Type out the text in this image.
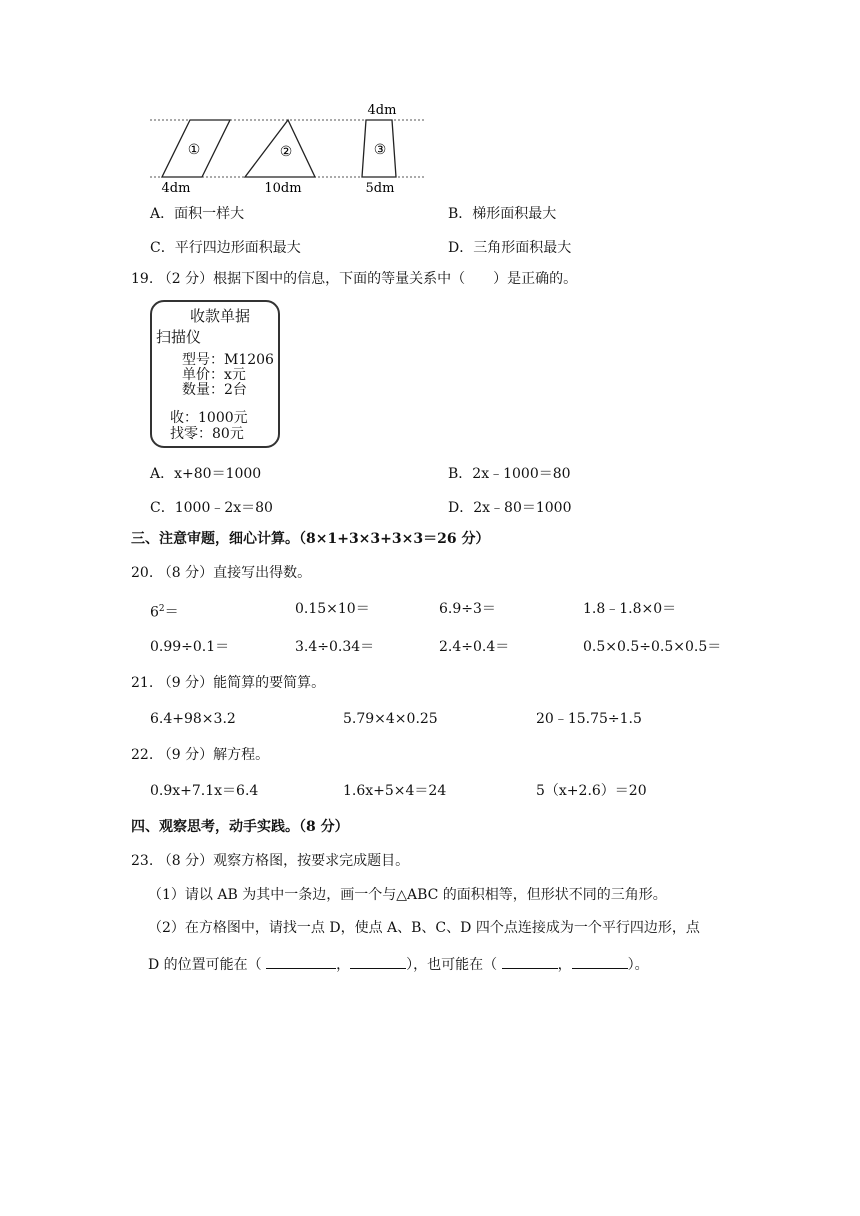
①	②	③
4dm
4dm	10dm	5dm
A．面积一样大	B．梯形面积最大
C．平行四边形面积最大	D．三角形面积最大
19. （2 分）根据下图中的信息，下面的等量关系中（　　）是正确的。
收款单据
扫描仪
型号：M1206
单价：x元
数量：2台
收：1000元
找零：80元
A．x+80＝1000	B．2x﹣1000＝80
C．1000﹣2x＝80	D．2x﹣80＝1000
三、注意审题，细心计算。（8×1+3×3+3×3＝26 分）
20. （8 分）直接写出得数。
$6^2=$	0.15×10＝	6.9÷3＝	1.8﹣1.8×0＝
0.99÷0.1＝	3.4÷0.34＝	2.4÷0.4＝	0.5×0.5÷0.5×0.5＝
21. （9 分）能简算的要简算。
6.4+98×3.2	5.79×4×0.25	20﹣15.75÷1.5
22. （9 分）解方程。
0.9x+7.1x＝6.4	1.6x+5×4＝24	5（x+2.6）＝20
四、观察思考，动手实践。（8 分）
23. （8 分）观察方格图，按要求完成题目。
（1）请以 AB 为其中一条边，画一个与△ABC 的面积相等，但形状不同的三角形。
（2）在方格图中，请找一点 D，使点 A、B、C、D 四个点连接成为一个平行四边形，点
D 的位置可能在（	，	），也可能在（	，	）。
